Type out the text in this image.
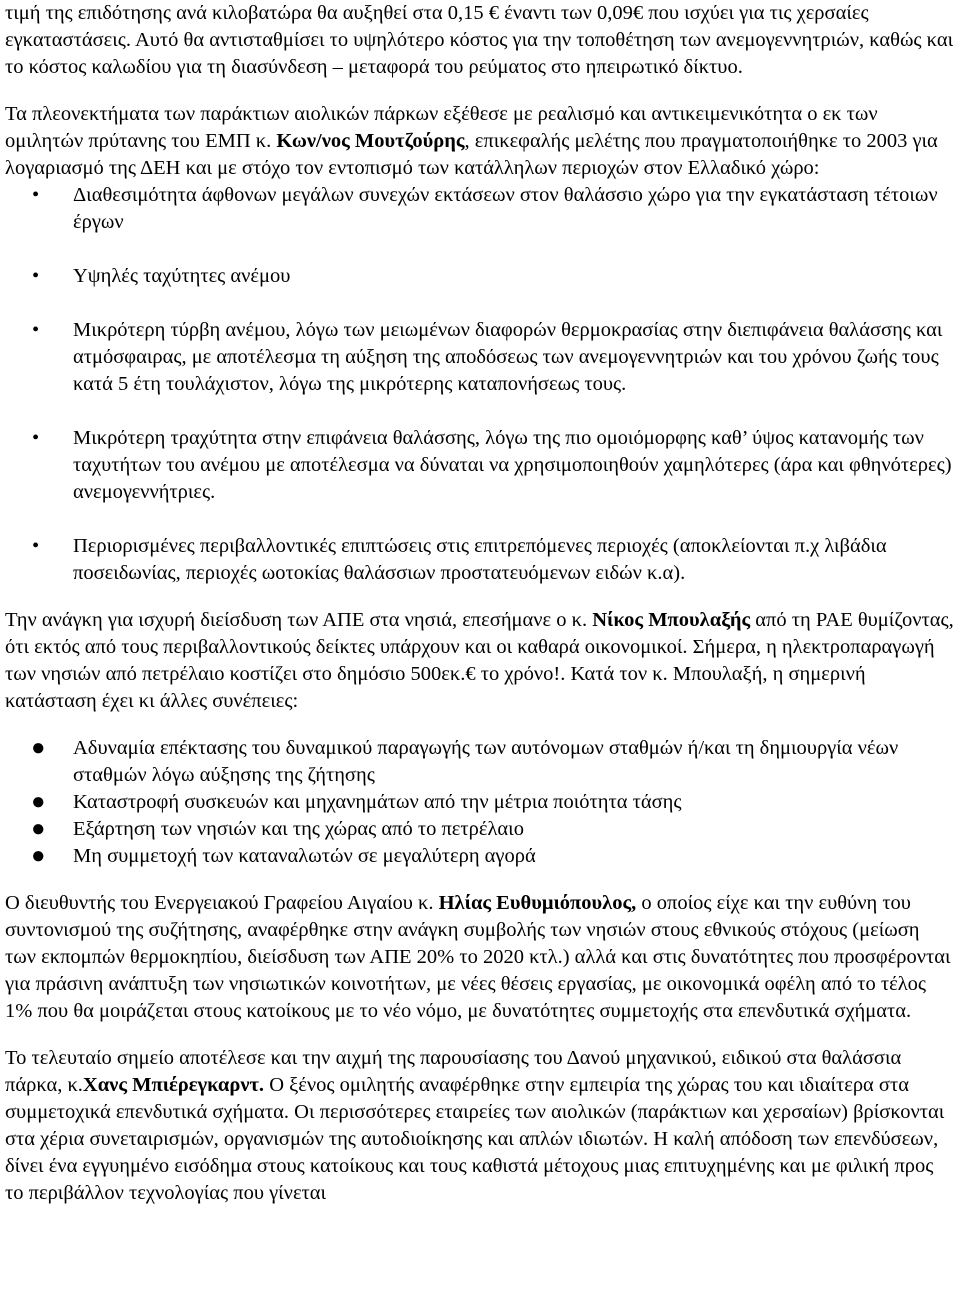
τιμή της επιδότησης ανά κιλοβατώρα θα αυξηθεί στα 0,15 € έναντι των 0,09€ που ισχύει για τις χερσαίες εγκαταστάσεις. Αυτό θα αντισταθμίσει το υψηλότερο κόστος για την τοποθέτηση των ανεμογεννητριών, καθώς και το κόστος καλωδίου για τη διασύνδεση – μεταφορά του ρεύματος στο ηπειρωτικό δίκτυο.

Τα πλεονεκτήματα των παράκτιων αιολικών πάρκων εξέθεσε με ρεαλισμό και αντικειμενικότητα ο εκ των ομιλητών πρύτανης του ΕΜΠ κ. Κων/νος Μουτζούρης, επικεφαλής μελέτης που πραγματοποιήθηκε το 2003 για λογαριασμό της ΔΕΗ και με στόχο τον εντοπισμό των κατάλληλων περιοχών στον Ελλαδικό χώρο:

• Διαθεσιμότητα άφθονων μεγάλων συνεχών εκτάσεων στον θαλάσσιο χώρο για την εγκατάσταση τέτοιων έργων
• Υψηλές ταχύτητες ανέμου
• Μικρότερη τύρβη ανέμου, λόγω των μειωμένων διαφορών θερμοκρασίας στην διεπιφάνεια θαλάσσης και ατμόσφαιρας, με αποτέλεσμα τη αύξηση της αποδόσεως των ανεμογεννητριών και του χρόνου ζωής τους κατά 5 έτη τουλάχιστον, λόγω της μικρότερης καταπονήσεως τους.
• Μικρότερη τραχύτητα στην επιφάνεια θαλάσσης, λόγω της πιο ομοιόμορφης καθ’ ύψος κατανομής των ταχυτήτων του ανέμου με αποτέλεσμα να δύναται να χρησιμοποιηθούν χαμηλότερες (άρα και φθηνότερες) ανεμογεννήτριες.
• Περιορισμένες περιβαλλοντικές επιπτώσεις στις επιτρεπόμενες περιοχές (αποκλείονται π.χ λιβάδια ποσειδωνίας, περιοχές ωοτοκίας θαλάσσιων προστατευόμενων ειδών κ.α).

Την ανάγκη για ισχυρή διείσδυση των ΑΠΕ στα νησιά, επεσήμανε ο κ. Νίκος Μπουλαξής από τη ΡΑΕ θυμίζοντας, ότι εκτός από τους περιβαλλοντικούς δείκτες υπάρχουν και οι καθαρά οικονομικοί. Σήμερα, η ηλεκτροπαραγωγή των νησιών από πετρέλαιο κοστίζει στο δημόσιο 500εκ.€ το χρόνο!. Κατά τον κ. Μπουλαξή, η σημερινή κατάσταση έχει κι άλλες συνέπειες:

● Αδυναμία επέκτασης του δυναμικού παραγωγής των αυτόνομων σταθμών ή/και τη δημιουργία νέων σταθμών λόγω αύξησης της ζήτησης
● Καταστροφή συσκευών και μηχανημάτων από την μέτρια ποιότητα τάσης
● Εξάρτηση των νησιών και της χώρας από το πετρέλαιο
● Μη συμμετοχή των καταναλωτών σε μεγαλύτερη αγορά

Ο διευθυντής του Ενεργειακού Γραφείου Αιγαίου κ. Ηλίας Ευθυμιόπουλος, ο οποίος είχε και την ευθύνη του συντονισμού της συζήτησης, αναφέρθηκε στην ανάγκη συμβολής των νησιών στους εθνικούς στόχους (μείωση των εκπομπών θερμοκηπίου, διείσδυση των ΑΠΕ 20% το 2020 κτλ.) αλλά και στις δυνατότητες που προσφέρονται για πράσινη ανάπτυξη των νησιωτικών κοινοτήτων, με νέες θέσεις εργασίας, με οικονομικά οφέλη από το τέλος 1% που θα μοιράζεται στους κατοίκους με το νέο νόμο, με δυνατότητες συμμετοχής στα επενδυτικά σχήματα.

Το τελευταίο σημείο αποτέλεσε και την αιχμή της παρουσίασης του Δανού μηχανικού, ειδικού στα θαλάσσια πάρκα, κ.Χανς Μπιέρεγκαρντ. Ο ξένος ομιλητής αναφέρθηκε στην εμπειρία της χώρας του και ιδιαίτερα στα συμμετοχικά επενδυτικά σχήματα. Οι περισσότερες εταιρείες των αιολικών (παράκτιων και χερσαίων) βρίσκονται στα χέρια συνεταιρισμών, οργανισμών της αυτοδιοίκησης και απλών ιδιωτών. Η καλή απόδοση των επενδύσεων, δίνει ένα εγγυημένο εισόδημα στους κατοίκους και τους καθιστά μέτοχους μιας επιτυχημένης και με φιλική πρoς το περιβάλλον τεχνολογίας που γίνεται
